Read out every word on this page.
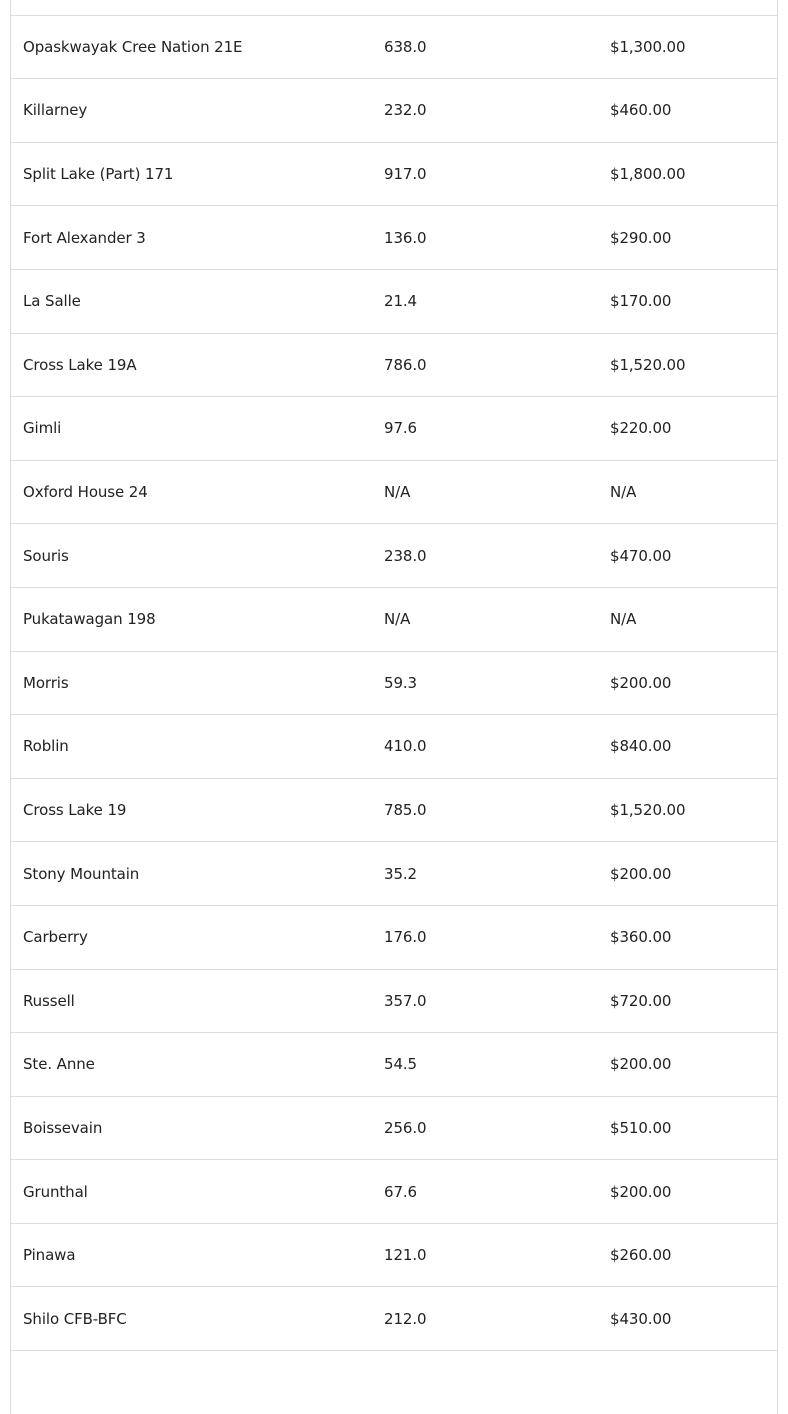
Opaskwayak Cree Nation 21E	638.0	$1,300.00
Killarney	232.0	$460.00
Split Lake (Part) 171	917.0	$1,800.00
Fort Alexander 3	136.0	$290.00
La Salle	21.4	$170.00
Cross Lake 19A	786.0	$1,520.00
Gimli	97.6	$220.00
Oxford House 24	N/A	N/A
Souris	238.0	$470.00
Pukatawagan 198	N/A	N/A
Morris	59.3	$200.00
Roblin	410.0	$840.00
Cross Lake 19	785.0	$1,520.00
Stony Mountain	35.2	$200.00
Carberry	176.0	$360.00
Russell	357.0	$720.00
Ste. Anne	54.5	$200.00
Boissevain	256.0	$510.00
Grunthal	67.6	$200.00
Pinawa	121.0	$260.00
Shilo CFB-BFC	212.0	$430.00
